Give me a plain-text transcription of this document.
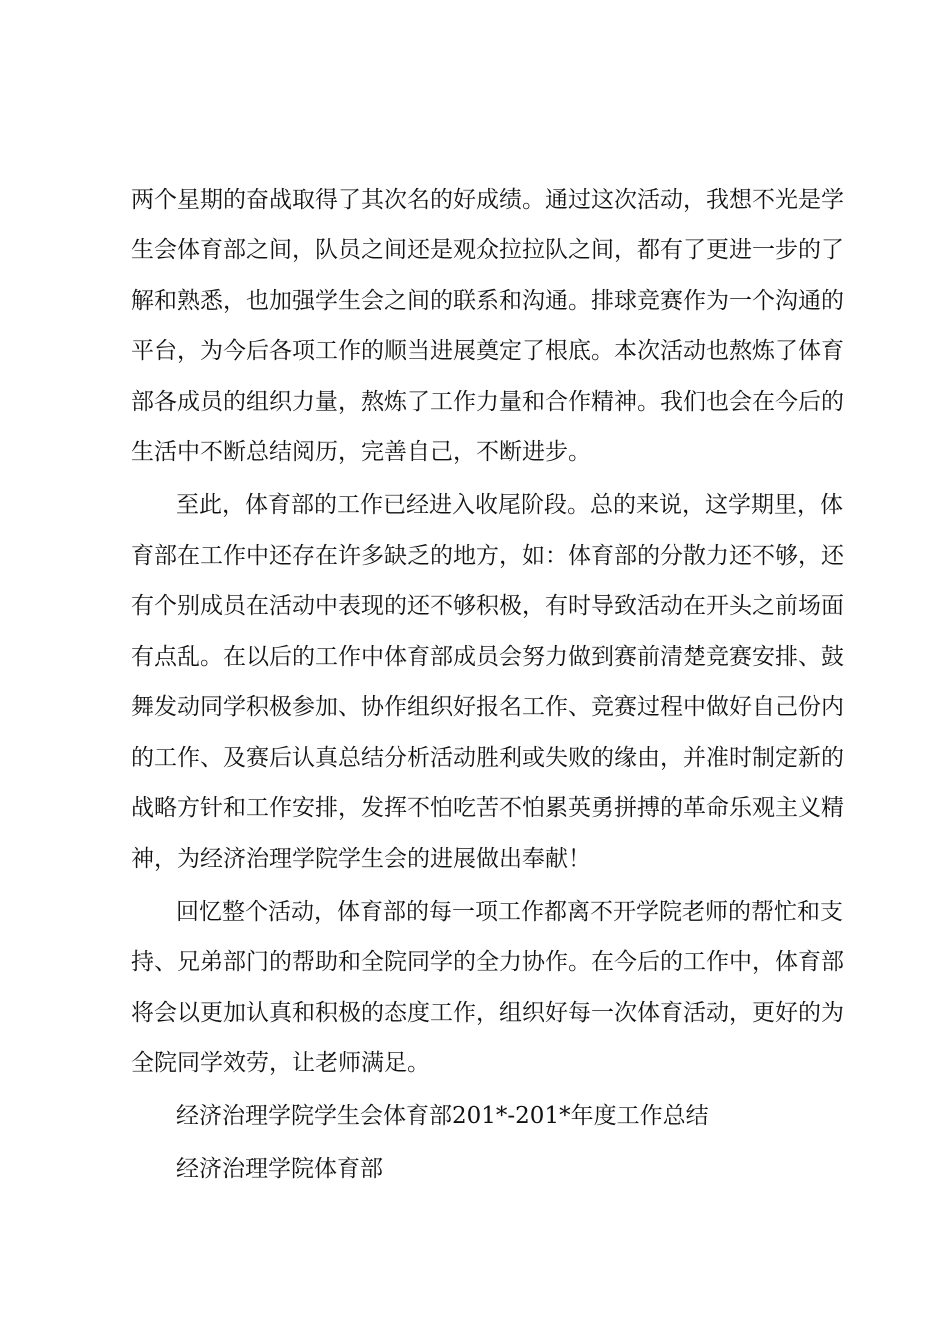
两个星期的奋战取得了其次名的好成绩。通过这次活动，我想不光是学
生会体育部之间，队员之间还是观众拉拉队之间，都有了更进一步的了
解和熟悉，也加强学生会之间的联系和沟通。排球竞赛作为一个沟通的
平台，为今后各项工作的顺当进展奠定了根底。本次活动也熬炼了体育
部各成员的组织力量，熬炼了工作力量和合作精神。我们也会在今后的
生活中不断总结阅历，完善自己，不断进步。
至此，体育部的工作已经进入收尾阶段。总的来说，这学期里，体
育部在工作中还存在许多缺乏的地方，如：体育部的分散力还不够，还
有个别成员在活动中表现的还不够积极，有时导致活动在开头之前场面
有点乱。在以后的工作中体育部成员会努力做到赛前清楚竞赛安排、鼓
舞发动同学积极参加、协作组织好报名工作、竞赛过程中做好自己份内
的工作、及赛后认真总结分析活动胜利或失败的缘由，并准时制定新的
战略方针和工作安排，发挥不怕吃苦不怕累英勇拼搏的革命乐观主义精
神，为经济治理学院学生会的进展做出奉献！
回忆整个活动，体育部的每一项工作都离不开学院老师的帮忙和支
持、兄弟部门的帮助和全院同学的全力协作。在今后的工作中，体育部
将会以更加认真和积极的态度工作，组织好每一次体育活动，更好的为
全院同学效劳，让老师满足。
经济治理学院学生会体育部201*-201*年度工作总结
经济治理学院体育部
